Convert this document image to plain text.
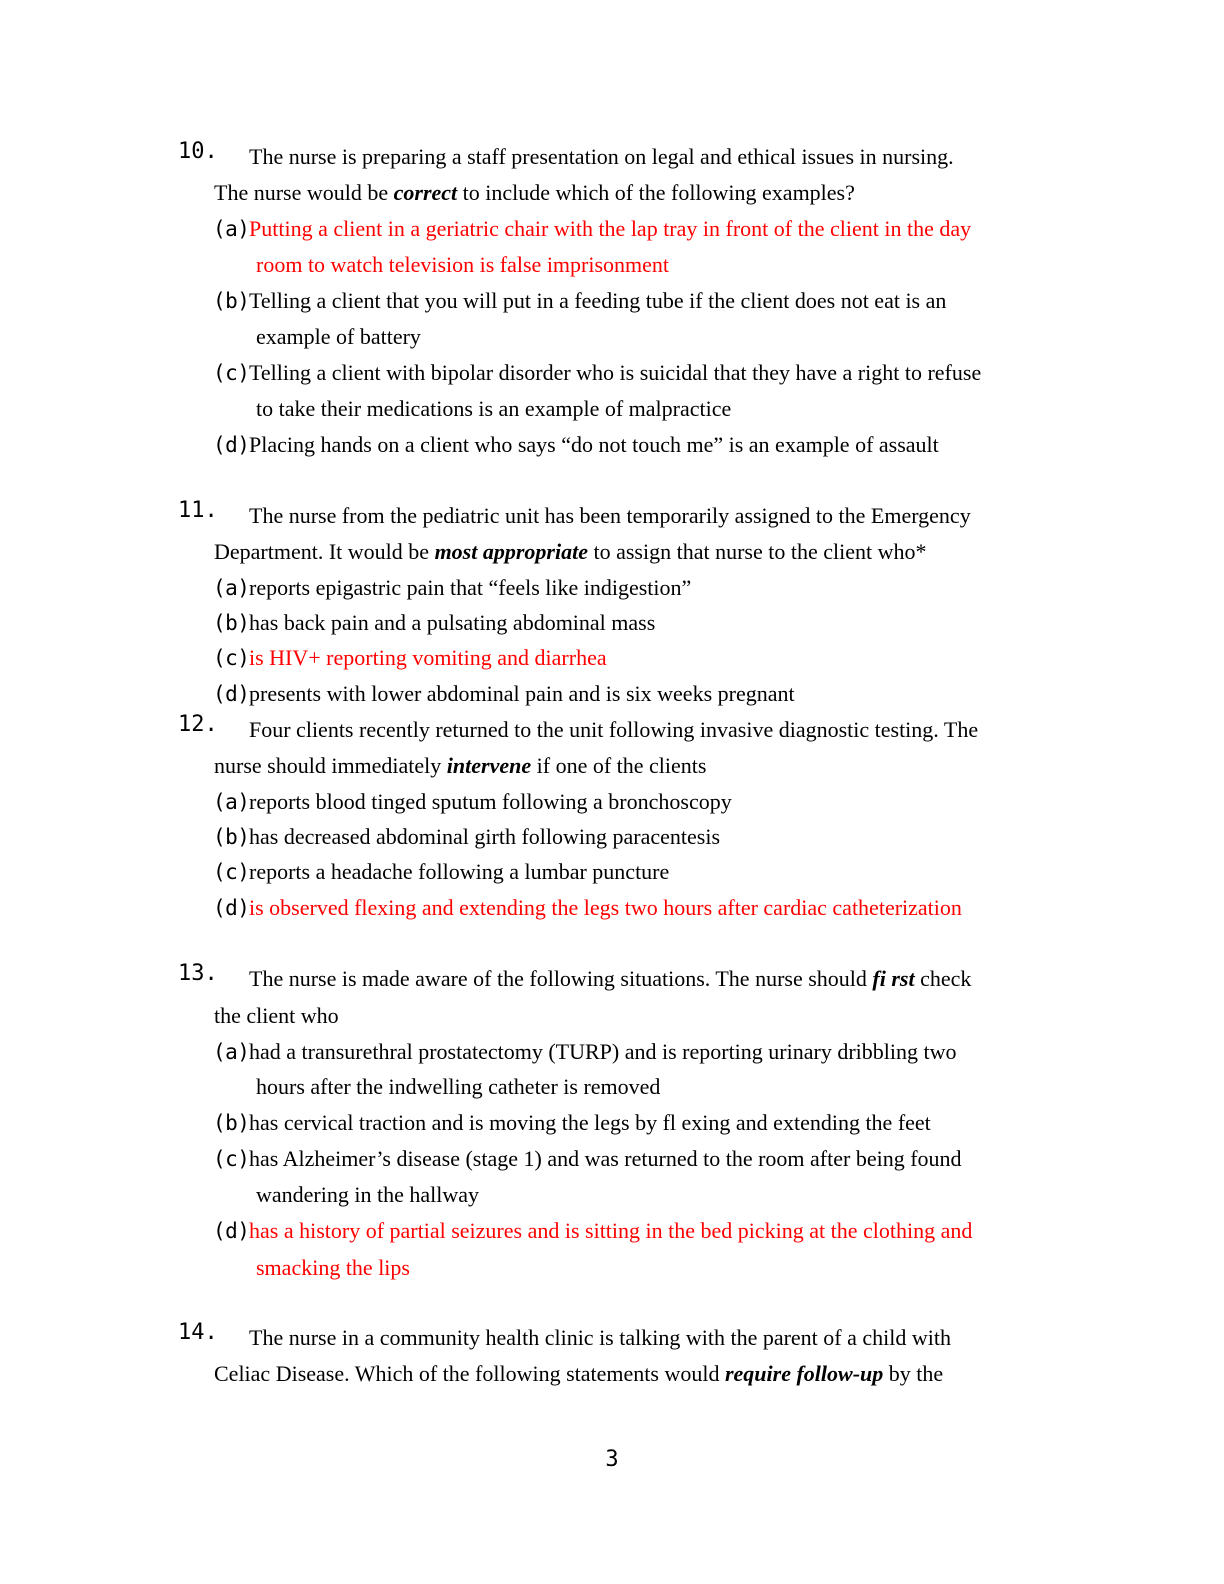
10. The nurse is preparing a staff presentation on legal and ethical issues in nursing.
The nurse would be correct to include which of the following examples?
(a) Putting a client in a geriatric chair with the lap tray in front of the client in the day
room to watch television is false imprisonment
(b) Telling a client that you will put in a feeding tube if the client does not eat is an
example of battery
(c) Telling a client with bipolar disorder who is suicidal that they have a right to refuse
to take their medications is an example of malpractice
(d) Placing hands on a client who says “do not touch me” is an example of assault
11. The nurse from the pediatric unit has been temporarily assigned to the Emergency
Department. It would be most appropriate to assign that nurse to the client who*
(a) reports epigastric pain that “feels like indigestion”
(b) has back pain and a pulsating abdominal mass
(c) is HIV+ reporting vomiting and diarrhea
(d) presents with lower abdominal pain and is six weeks pregnant
12. Four clients recently returned to the unit following invasive diagnostic testing. The
nurse should immediately intervene if one of the clients
(a) reports blood tinged sputum following a bronchoscopy
(b) has decreased abdominal girth following paracentesis
(c) reports a headache following a lumbar puncture
(d) is observed flexing and extending the legs two hours after cardiac catheterization
13. The nurse is made aware of the following situations. The nurse should fi rst check
the client who
(a) had a transurethral prostatectomy (TURP) and is reporting urinary dribbling two
hours after the indwelling catheter is removed
(b) has cervical traction and is moving the legs by fl exing and extending the feet
(c) has Alzheimer’s disease (stage 1) and was returned to the room after being found
wandering in the hallway
(d) has a history of partial seizures and is sitting in the bed picking at the clothing and
smacking the lips
14. The nurse in a community health clinic is talking with the parent of a child with
Celiac Disease. Which of the following statements would require follow-up by the
3
